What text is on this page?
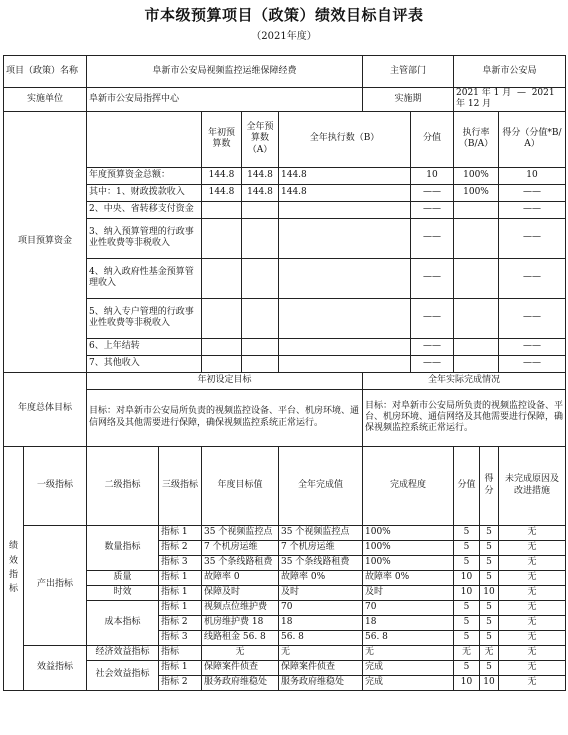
市本级预算项目（政策）绩效目标自评表
（2021年度）
项目（政策）名称		阜新市公安局视频监控运维保障经费					主管部门		阜新市公安局		
实施单位		阜新市公安局指挥中心					实施期		2021 年 1 月 — 2021 年 12 月		
项目预算资金				年初预算数	全年预算数（A）	全年执行数（B）		分值	执行率（B/A）		得分（分值*B/A）
		年度预算资金总额：		144.8	144.8	144.8		10	100%		10
		其中：1、财政拨款收入		144.8	144.8	144.8		——	100%		——
		2、中央、省转移支付资金						——			——
		3、纳入预算管理的行政事业性收费等非税收入						——			——
		4、纳入政府性基金预算管理收入						——			——
		5、纳入专户管理的行政事业性收费等非税收入						——			——
		6、上年结转						——			——
		7、其他收入						——			——
年度总体目标		年初设定目标					全年实际完成情况				
		目标：对阜新市公安局所负责的视频监控设备、平台、机房环境、通信网络及其他需要进行保障，确保视频监控系统正常运行。					目标：对阜新市公安局所负责的视频监控设备、平台、机房环境、通信网络及其他需要进行保障，确保视频监控系统正常运行。				
绩效指标	一级指标	二级指标	三级指标	年度目标值		全年完成值	完成程度		分值	得分	未完成原因及改进措施
	产出指标	数量指标	指标 1	35 个视频监控点		35 个视频监控点	100%		5	5	无
			指标 2	7 个机房运维		7 个机房运维	100%		5	5	无
			指标 3	35 个条线路租费		35 个条线路租费	100%		5	5	无
		质量	指标 1	故障率 0		故障率 0%	故障率 0%		10	5	无
		时效	指标 1	保障及时		及时	及时		10	10	无
		成本指标	指标 1	视频点位维护费		70	70		5	5	无
			指标 2	机房维护费 18		18	18		5	5	无
			指标 3	线路租金 56. 8		56. 8	56. 8		5	5	无
	效益指标	经济效益指标	指标	无		无	无		无	无	无
		社会效益指标	指标 1	保障案件侦查		保障案件侦查	完成		5	5	无
			指标 2	服务政府维稳处		服务政府维稳处	完成		10	10	无
